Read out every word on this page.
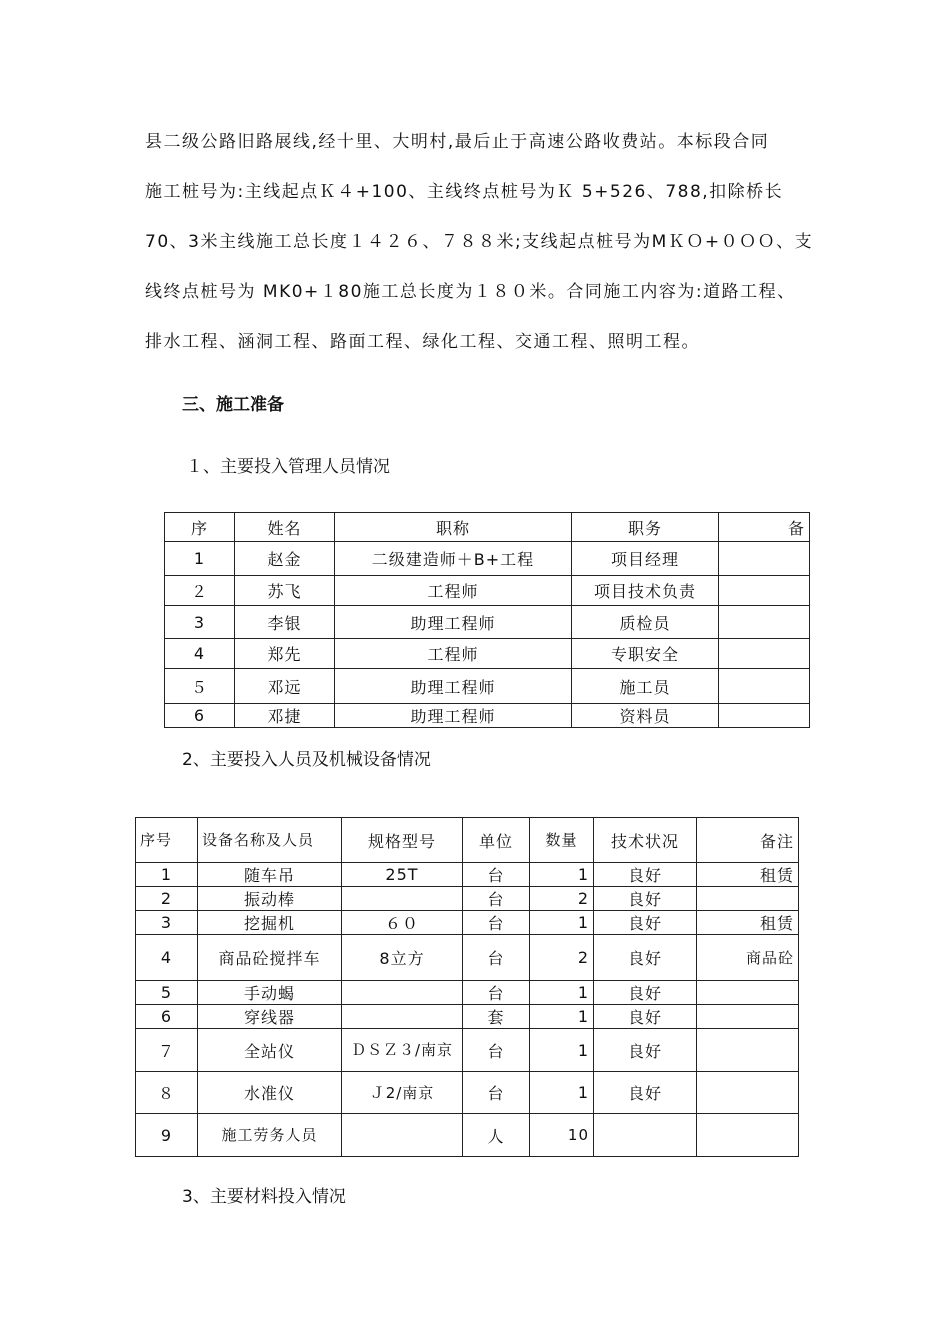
县二级公路旧路展线,经十里、大明村,最后止于高速公路收费站。本标段合同
施工桩号为:主线起点Ｋ４+100、主线终点桩号为Ｋ 5+526、788,扣除桥长
70、3米主线施工总长度１４２６、７８８米;支线起点桩号为MＫＯ+０ＯＯ、支
线终点桩号为 MK0+１80施工总长度为１８０米。合同施工内容为:道路工程、
排水工程、涵洞工程、路面工程、绿化工程、交通工程、照明工程。
三、施工准备
１、主要投入管理人员情况
序	姓名	职称	职务	备
1	赵金	二级建造师＋B+工程	项目经理	
２	苏飞	工程师	项目技术负责	
3	李银	助理工程师	质检员	
4	郑先	工程师	专职安全	
５	邓远	助理工程师	施工员	
6	邓捷	助理工程师	资料员	
2、主要投入人员及机械设备情况
序号	设备名称及人员	规格型号	单位	数量	技术状况	备注
1	随车吊	25T	台	1	良好	租赁
2	振动棒		台	2	良好	
3	挖掘机	６０	台	1	良好	租赁
4	商品砼搅拌车	8立方	台	2	良好	商品砼
5	手动蝎		台	1	良好	
6	穿线器		套	1	良好	
７	全站仪	ＤＳＺ３/南京	台	1	良好	
８	水准仪	Ｊ2/南京	台	1	良好	
9	施工劳务人员		人	10		
3、主要材料投入情况
